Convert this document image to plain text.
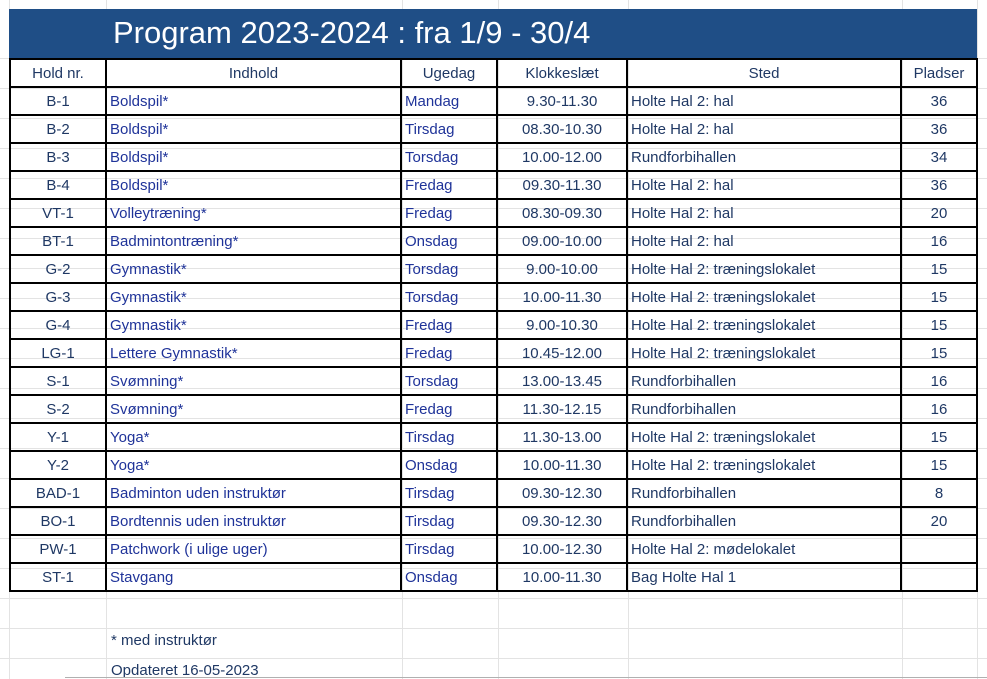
Program 2023-2024 : fra 1/9 - 30/4
Hold nr.	Indhold	Ugedag	Klokkeslæt	Sted	Pladser
B-1	Boldspil*	Mandag	9.30-11.30	Holte Hal 2: hal	36
B-2	Boldspil*	Tirsdag	08.30-10.30	Holte Hal 2: hal	36
B-3	Boldspil*	Torsdag	10.00-12.00	Rundforbihallen	34
B-4	Boldspil*	Fredag	09.30-11.30	Holte Hal 2: hal	36
VT-1	Volleytræning*	Fredag	08.30-09.30	Holte Hal 2: hal	20
BT-1	Badmintontræning*	Onsdag	09.00-10.00	Holte Hal 2: hal	16
G-2	Gymnastik*	Torsdag	9.00-10.00	Holte Hal 2: træningslokalet	15
G-3	Gymnastik*	Torsdag	10.00-11.30	Holte Hal 2: træningslokalet	15
G-4	Gymnastik*	Fredag	9.00-10.30	Holte Hal 2: træningslokalet	15
LG-1	Lettere Gymnastik*	Fredag	10.45-12.00	Holte Hal 2: træningslokalet	15
S-1	Svømning*	Torsdag	13.00-13.45	Rundforbihallen	16
S-2	Svømning*	Fredag	11.30-12.15	Rundforbihallen	16
Y-1	Yoga*	Tirsdag	11.30-13.00	Holte Hal 2: træningslokalet	15
Y-2	Yoga*	Onsdag	10.00-11.30	Holte Hal 2: træningslokalet	15
BAD-1	Badminton uden instruktør	Tirsdag	09.30-12.30	Rundforbihallen	8
BO-1	Bordtennis uden instruktør	Tirsdag	09.30-12.30	Rundforbihallen	20
PW-1	Patchwork (i ulige uger)	Tirsdag	10.00-12.30	Holte Hal 2: mødelokalet	
ST-1	Stavgang	Onsdag	10.00-11.30	Bag Holte Hal 1	
* med instruktør
Opdateret 16-05-2023
